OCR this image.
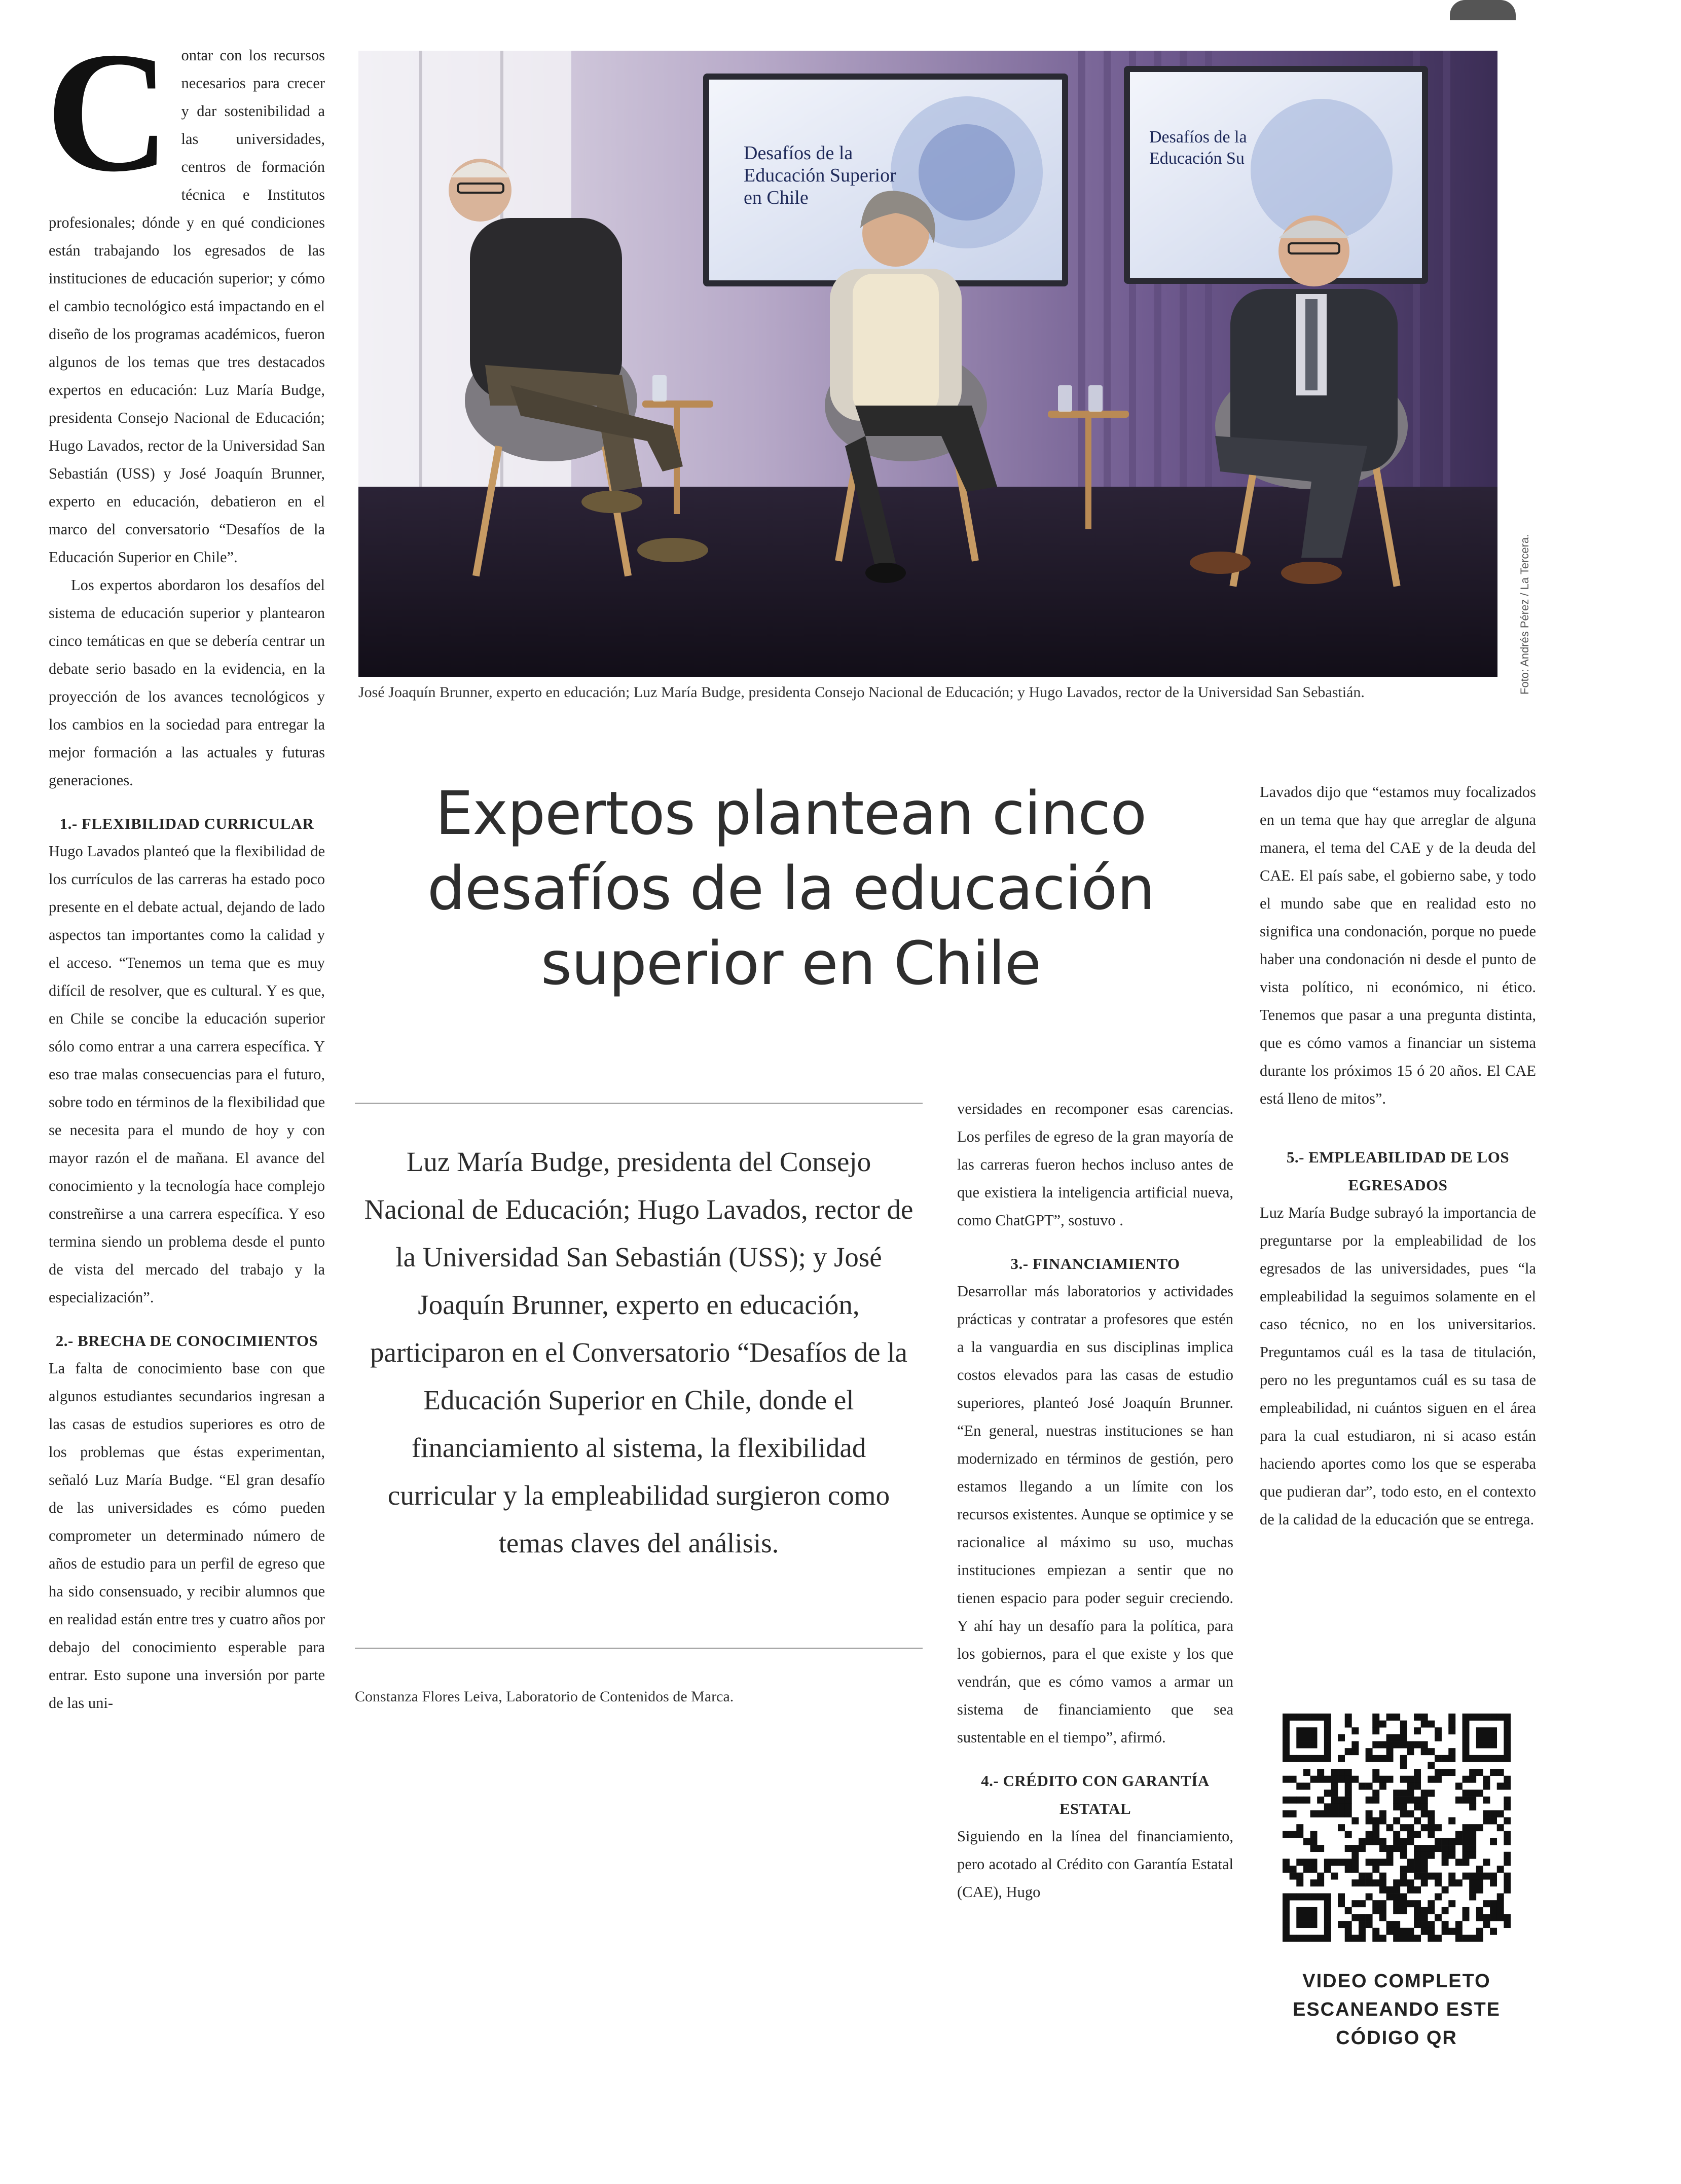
Contar con los recursos necesarios para crecer y dar sostenibilidad a las universidades, centros de formación técnica e Institutos profesionales; dónde y en qué condiciones están trabajando los egresados de las instituciones de educación superior; y cómo el cambio tecnológico está impactando en el diseño de los programas académicos, fueron algunos de los temas que tres destacados expertos en educación: Luz María Budge, presidenta Consejo Nacional de Educación; Hugo Lavados, rector de la Universidad San Sebastián (USS) y José Joaquín Brunner, experto en educación, debatieron en el marco del conversatorio “Desafíos de la Educación Superior en Chile”.

Los expertos abordaron los desafíos del sistema de educación superior y plantearon cinco temáticas en que se debería centrar un debate serio basado en la evidencia, en la proyección de los avances tecnológicos y los cambios en la sociedad para entregar la mejor formación a las actuales y futuras generaciones.

1.- FLEXIBILIDAD CURRICULAR

Hugo Lavados planteó que la flexibilidad de los currículos de las carreras ha estado poco presente en el debate actual, dejando de lado aspectos tan importantes como la calidad y el acceso. “Tenemos un tema que es muy difícil de resolver, que es cultural. Y es que, en Chile se concibe la educación superior sólo como entrar a una carrera específica. Y eso trae malas consecuencias para el futuro, sobre todo en términos de la flexibilidad que se necesita para el mundo de hoy y con mayor razón el de mañana. El avance del conocimiento y la tecnología hace complejo constreñirse a una carrera específica. Y eso termina siendo un problema desde el punto de vista del mercado del trabajo y la especialización”.

2.- BRECHA DE CONOCIMIENTOS

La falta de conocimiento base con que algunos estudiantes secundarios ingresan a las casas de estudios superiores es otro de los problemas que éstas experimentan, señaló Luz María Budge. “El gran desafío de las universidades es cómo pueden comprometer un determinado número de años de estudio para un perfil de egreso que ha sido consensuado, y recibir alumnos que en realidad están entre tres y cuatro años por debajo del conocimiento esperable para entrar. Esto supone una inversión por parte de las uni-

Desafíos de la Educación Superior en Chile
Desafíos de la Educación Su
Foto: Andrés Pérez / La Tercera.
José Joaquín Brunner, experto en educación; Luz María Budge, presidenta Consejo Nacional de Educación; y Hugo Lavados, rector de la Universidad San Sebastián.
Expertos plantean cinco desafíos de la educación superior en Chile
Luz María Budge, presidenta del Consejo Nacional de Educación; Hugo Lavados, rector de la Universidad San Sebastián (USS); y José Joaquín Brunner, experto en educación, participaron en el Conversatorio “Desafíos de la Educación Superior en Chile, donde el financiamiento al sistema, la flexibilidad curricular y la empleabilidad surgieron como temas claves del análisis.
Constanza Flores Leiva, Laboratorio de Contenidos de Marca.

versidades en recomponer esas carencias. Los perfiles de egreso de la gran mayoría de las carreras fueron hechos incluso antes de que existiera la inteligencia artificial nueva, como ChatGPT”, sostuvo .

3.- FINANCIAMIENTO

Desarrollar más laboratorios y actividades prácticas y contratar a profesores que estén a la vanguardia en sus disciplinas implica costos elevados para las casas de estudio superiores, planteó José Joaquín Brunner. “En general, nuestras instituciones se han modernizado en términos de gestión, pero estamos llegando a un límite con los recursos existentes. Aunque se optimice y se racionalice al máximo su uso, muchas instituciones empiezan a sentir que no tienen espacio para poder seguir creciendo. Y ahí hay un desafío para la política, para los gobiernos, para el que existe y los que vendrán, que es cómo vamos a armar un sistema de financiamiento que sea sustentable en el tiempo”, afirmó.

4.- CRÉDITO CON GARANTÍA ESTATAL

Siguiendo en la línea del financiamiento, pero acotado al Crédito con Garantía Estatal (CAE), Hugo

Lavados dijo que “estamos muy focalizados en un tema que hay que arreglar de alguna manera, el tema del CAE y de la deuda del CAE. El país sabe, el gobierno sabe, y todo el mundo sabe que en realidad esto no significa una condonación, porque no puede haber una condonación ni desde el punto de vista político, ni económico, ni ético. Tenemos que pasar a una pregunta distinta, que es cómo vamos a financiar un sistema durante los próximos 15 ó 20 años. El CAE está lleno de mitos”.

5.- EMPLEABILIDAD DE LOS EGRESADOS

Luz María Budge subrayó la importancia de preguntarse por la empleabilidad de los egresados de las universidades, pues “la empleabilidad la seguimos solamente en el caso técnico, no en los universitarios. Preguntamos cuál es la tasa de titulación, pero no les preguntamos cuál es su tasa de empleabilidad, ni cuántos siguen en el área para la cual estudiaron, ni si acaso están haciendo aportes como los que se esperaba que pudieran dar”, todo esto, en el contexto de la calidad de la educación que se entrega.

VIDEO COMPLETO ESCANEANDO ESTE CÓDIGO QR
